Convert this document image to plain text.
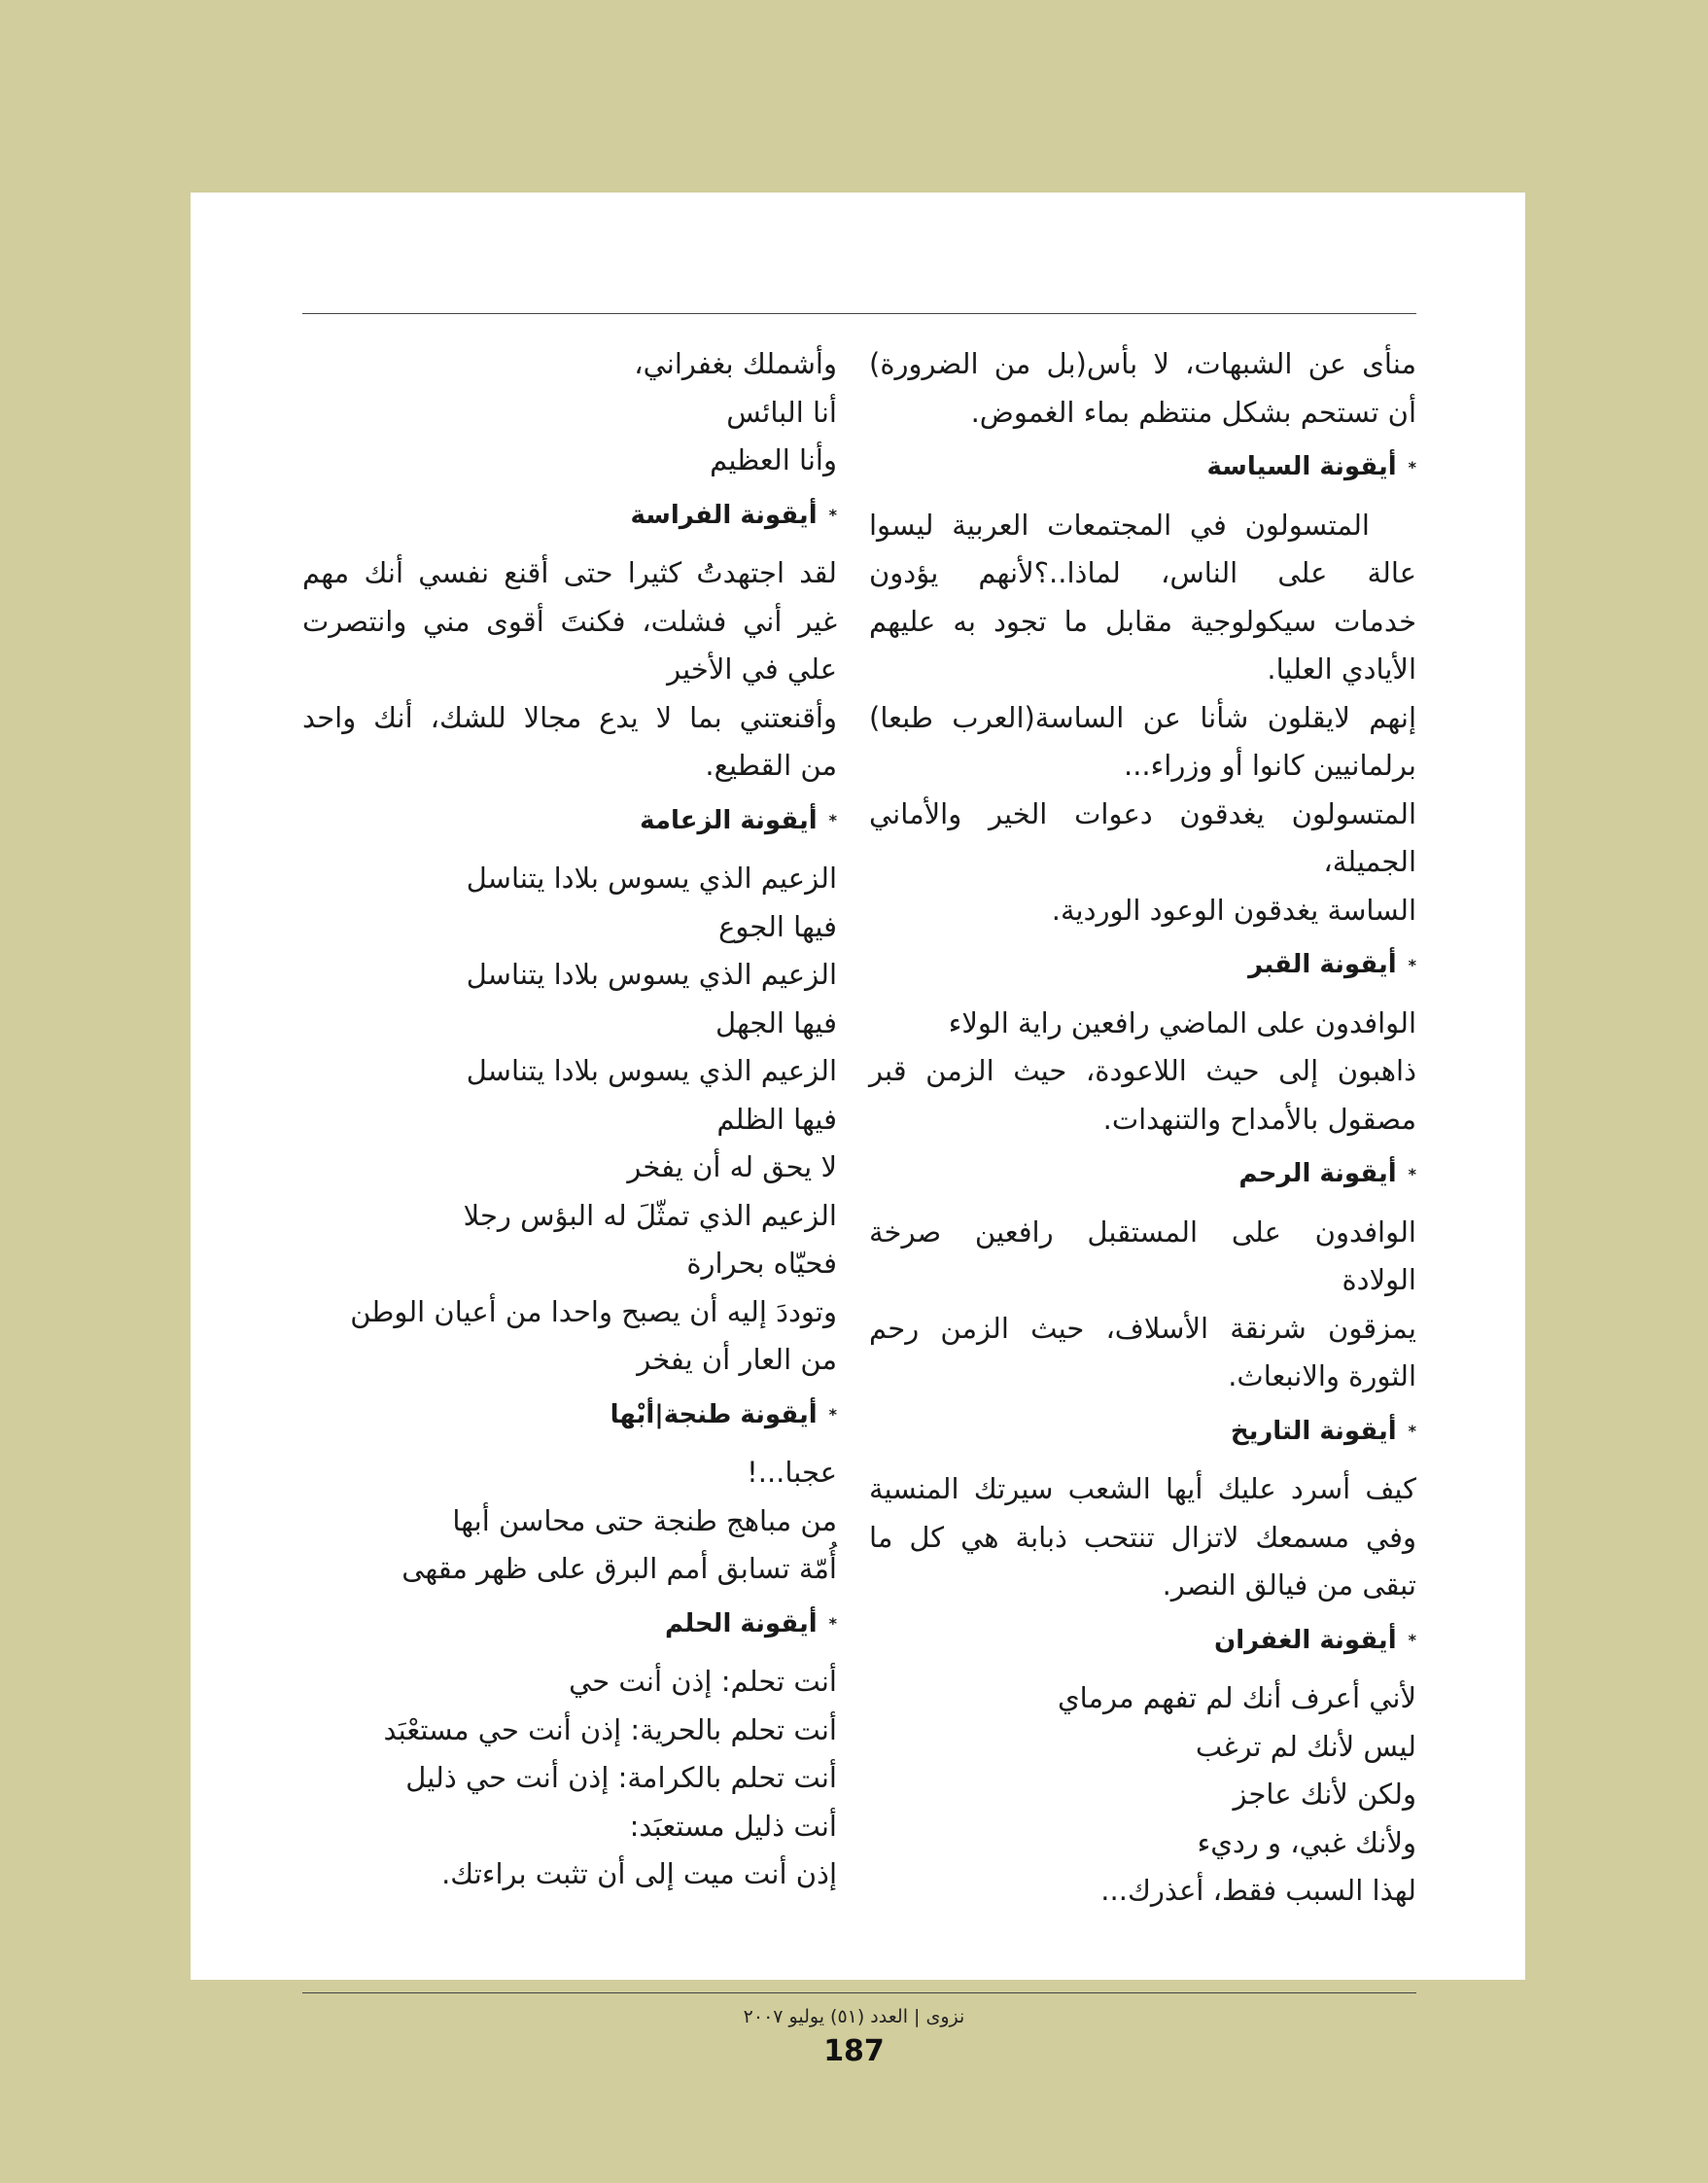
منأى عن الشبهات، لا بأس(بل من الضرورة)
أن تستحم بشكل منتظم بماء الغموض.
*أيقونة السياسة
المتسولون في المجتمعات العربية ليسوا
عالة على الناس، لماذا..؟لأنهم يؤدون
خدمات سيكولوجية مقابل ما تجود به عليهم
الأيادي العليا.
إنهم لايقلون شأنا عن الساسة(العرب طبعا)
برلمانيين كانوا أو وزراء...
المتسولون يغدقون دعوات الخير والأماني
الجميلة،
الساسة يغدقون الوعود الوردية.
*أيقونة القبر
الوافدون على الماضي رافعين راية الولاء
ذاهبون إلى حيث اللاعودة، حيث الزمن قبر
مصقول بالأمداح والتنهدات.
*أيقونة الرحم
الوافدون على المستقبل رافعين صرخة
الولادة
يمزقون شرنقة الأسلاف، حيث الزمن رحم
الثورة والانبعاث.
*أيقونة التاريخ
كيف أسرد عليك أيها الشعب سيرتك المنسية
وفي مسمعك لاتزال تنتحب ذبابة هي كل ما
تبقى من فيالق النصر.
*أيقونة الغفران
لأني أعرف أنك لم تفهم مرماي
ليس لأنك لم ترغب
ولكن لأنك عاجز
ولأنك غبي، و رديء
لهذا السبب فقط، أعذرك...
وأشملك بغفراني،
أنا البائس
وأنا العظيم
*أيقونة الفراسة
لقد اجتهدتُ كثيرا حتى أقنع نفسي أنك مهم
غير أني فشلت، فكنتَ أقوى مني وانتصرت
علي في الأخير
وأقنعتني بما لا يدع مجالا للشك، أنك واحد
من القطيع.
*أيقونة الزعامة
الزعيم الذي يسوس بلادا يتناسل
فيها الجوع
الزعيم الذي يسوس بلادا يتناسل
فيها الجهل
الزعيم الذي يسوس بلادا يتناسل
فيها الظلم
لا يحق له أن يفخر
الزعيم الذي تمثّلَ له البؤس رجلا
فحيّاه بحرارة
وتوددَ إليه أن يصبح واحدا من أعيان الوطن
من العار أن يفخر
*أيقونة طنجة|أبْها
عجبا...!
من مباهج طنجة حتى محاسن أبها
أُمّة تسابق أمم البرق على ظهر مقهى
*أيقونة الحلم
أنت تحلم: إذن أنت حي
أنت تحلم بالحرية: إذن أنت حي مستعْبَد
أنت تحلم بالكرامة: إذن أنت حي ذليل
أنت ذليل مستعبَد:
إذن أنت ميت إلى أن تثبت براءتك.
نزوى | العدد (٥١) يوليو ٢٠٠٧
187
